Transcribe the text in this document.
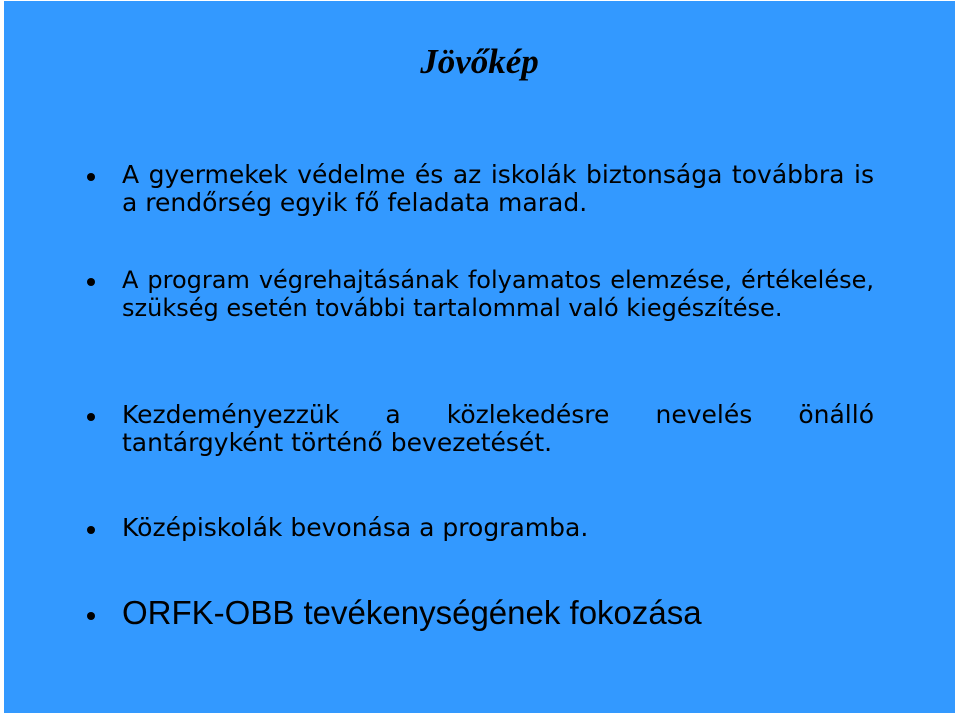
Jövőkép

A gyermekek védelme és az iskolák biztonsága továbbra is a rendőrség egyik fő feladata marad.

A program végrehajtásának folyamatos elemzése, értékelése, szükség esetén további tartalommal való kiegészítése.

Kezdeményezzük a közlekedésre nevelés önálló tantárgyként történő bevezetését.

Középiskolák bevonása a programba.

ORFK-OBB tevékenységének fokozása
